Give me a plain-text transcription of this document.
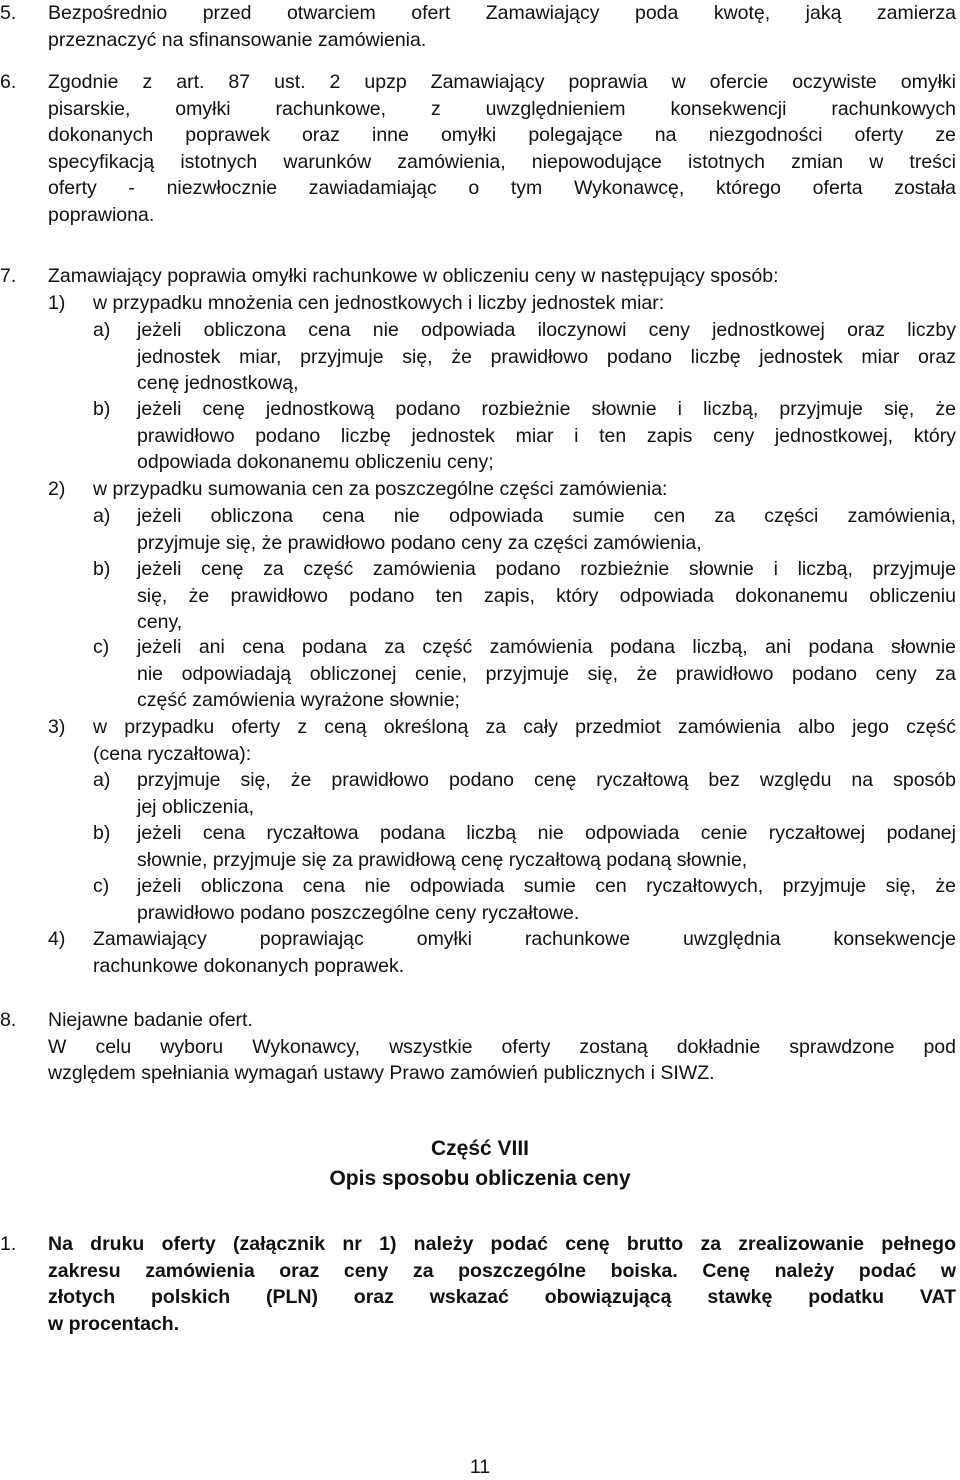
5. Bezpośrednio przed otwarciem ofert Zamawiający poda kwotę, jaką zamierza
przeznaczyć na sfinansowanie zamówienia.
6. Zgodnie z art. 87 ust. 2 upzp Zamawiający poprawia w ofercie oczywiste omyłki
pisarskie, omyłki rachunkowe, z uwzględnieniem konsekwencji rachunkowych
dokonanych poprawek oraz inne omyłki polegające na niezgodności oferty ze
specyfikacją istotnych warunków zamówienia, niepowodujące istotnych zmian w treści
oferty - niezwłocznie zawiadamiając o tym Wykonawcę, którego oferta została
poprawiona.
7. Zamawiający poprawia omyłki rachunkowe w obliczeniu ceny w następujący sposób:
1) w przypadku mnożenia cen jednostkowych i liczby jednostek miar:
a) jeżeli obliczona cena nie odpowiada iloczynowi ceny jednostkowej oraz liczby
jednostek miar, przyjmuje się, że prawidłowo podano liczbę jednostek miar oraz
cenę jednostkową,
b) jeżeli cenę jednostkową podano rozbieżnie słownie i liczbą, przyjmuje się, że
prawidłowo podano liczbę jednostek miar i ten zapis ceny jednostkowej, który
odpowiada dokonanemu obliczeniu ceny;
2) w przypadku sumowania cen za poszczególne części zamówienia:
a) jeżeli obliczona cena nie odpowiada sumie cen za części zamówienia,
przyjmuje się, że prawidłowo podano ceny za części zamówienia,
b) jeżeli cenę za część zamówienia podano rozbieżnie słownie i liczbą, przyjmuje
się, że prawidłowo podano ten zapis, który odpowiada dokonanemu obliczeniu
ceny,
c) jeżeli ani cena podana za część zamówienia podana liczbą, ani podana słownie
nie odpowiadają obliczonej cenie, przyjmuje się, że prawidłowo podano ceny za
część zamówienia wyrażone słownie;
3) w przypadku oferty z ceną określoną za cały przedmiot zamówienia albo jego część
(cena ryczałtowa):
a) przyjmuje się, że prawidłowo podano cenę ryczałtową bez względu na sposób
jej obliczenia,
b) jeżeli cena ryczałtowa podana liczbą nie odpowiada cenie ryczałtowej podanej
słownie, przyjmuje się za prawidłową cenę ryczałtową podaną słownie,
c) jeżeli obliczona cena nie odpowiada sumie cen ryczałtowych, przyjmuje się, że
prawidłowo podano poszczególne ceny ryczałtowe.
4) Zamawiający poprawiając omyłki rachunkowe uwzględnia konsekwencje
rachunkowe dokonanych poprawek.
8. Niejawne badanie ofert.
W celu wyboru Wykonawcy, wszystkie oferty zostaną dokładnie sprawdzone pod
względem spełniania wymagań ustawy Prawo zamówień publicznych i SIWZ.
Część VIII
Opis sposobu obliczenia ceny
1. Na druku oferty (załącznik nr 1) należy podać cenę brutto za zrealizowanie pełnego
zakresu zamówienia oraz ceny za poszczególne boiska. Cenę należy podać w
złotych polskich (PLN) oraz wskazać obowiązującą stawkę podatku VAT
w procentach.
11
